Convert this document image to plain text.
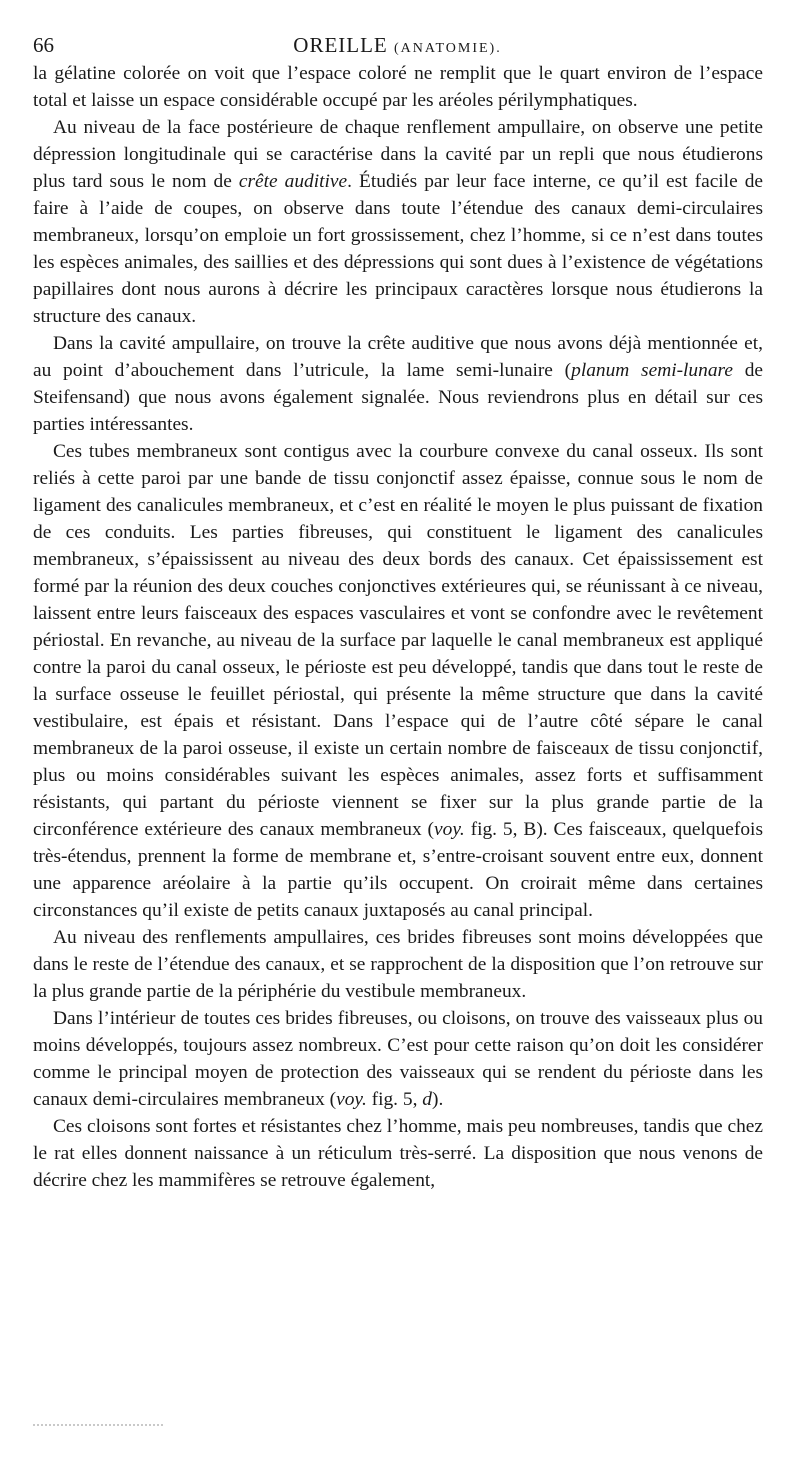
66	OREILLE (ANATOMIE).

la gélatine colorée on voit que l’espace coloré ne remplit que le quart environ de l’espace total et laisse un espace considérable occupé par les aréoles périlymphatiques.

Au niveau de la face postérieure de chaque renflement ampullaire, on observe une petite dépression longitudinale qui se caractérise dans la cavité par un repli que nous étudierons plus tard sous le nom de crête auditive. Étudiés par leur face interne, ce qu’il est facile de faire à l’aide de coupes, on observe dans toute l’étendue des canaux demi-circulaires membraneux, lorsqu’on emploie un fort grossissement, chez l’homme, si ce n’est dans toutes les espèces animales, des saillies et des dépressions qui sont dues à l’existence de végétations papillaires dont nous aurons à décrire les principaux caractères lorsque nous étudierons la structure des canaux.

Dans la cavité ampullaire, on trouve la crête auditive que nous avons déjà mentionnée et, au point d’abouchement dans l’utricule, la lame semi-lunaire (planum semi-lunare de Steifensand) que nous avons également signalée. Nous reviendrons plus en détail sur ces parties intéressantes.

Ces tubes membraneux sont contigus avec la courbure convexe du canal osseux. Ils sont reliés à cette paroi par une bande de tissu conjonctif assez épaisse, connue sous le nom de ligament des canalicules membraneux, et c’est en réalité le moyen le plus puissant de fixation de ces conduits. Les parties fibreuses, qui constituent le ligament des canalicules membraneux, s’épaississent au niveau des deux bords des canaux. Cet épaississement est formé par la réunion des deux couches conjonctives extérieures qui, se réunissant à ce niveau, laissent entre leurs faisceaux des espaces vasculaires et vont se confondre avec le revêtement périostal. En revanche, au niveau de la surface par laquelle le canal membraneux est appliqué contre la paroi du canal osseux, le périoste est peu développé, tandis que dans tout le reste de la surface osseuse le feuillet périostal, qui présente la même structure que dans la cavité vestibulaire, est épais et résistant. Dans l’espace qui de l’autre côté sépare le canal membraneux de la paroi osseuse, il existe un certain nombre de faisceaux de tissu conjonctif, plus ou moins considérables suivant les espèces animales, assez forts et suffisamment résistants, qui partant du périoste viennent se fixer sur la plus grande partie de la circonférence extérieure des canaux membraneux (voy. fig. 5, B). Ces faisceaux, quelquefois très-étendus, prennent la forme de membrane et, s’entre-croisant souvent entre eux, donnent une apparence aréolaire à la partie qu’ils occupent. On croirait même dans certaines circonstances qu’il existe de petits canaux juxtaposés au canal principal.

Au niveau des renflements ampullaires, ces brides fibreuses sont moins développées que dans le reste de l’étendue des canaux, et se rapprochent de la disposition que l’on retrouve sur la plus grande partie de la périphérie du vestibule membraneux.

Dans l’intérieur de toutes ces brides fibreuses, ou cloisons, on trouve des vaisseaux plus ou moins développés, toujours assez nombreux. C’est pour cette raison qu’on doit les considérer comme le principal moyen de protection des vaisseaux qui se rendent du périoste dans les canaux demi-circulaires membraneux (voy. fig. 5, d).

Ces cloisons sont fortes et résistantes chez l’homme, mais peu nombreuses, tandis que chez le rat elles donnent naissance à un réticulum très-serré. La disposition que nous venons de décrire chez les mammifères se retrouve également,
